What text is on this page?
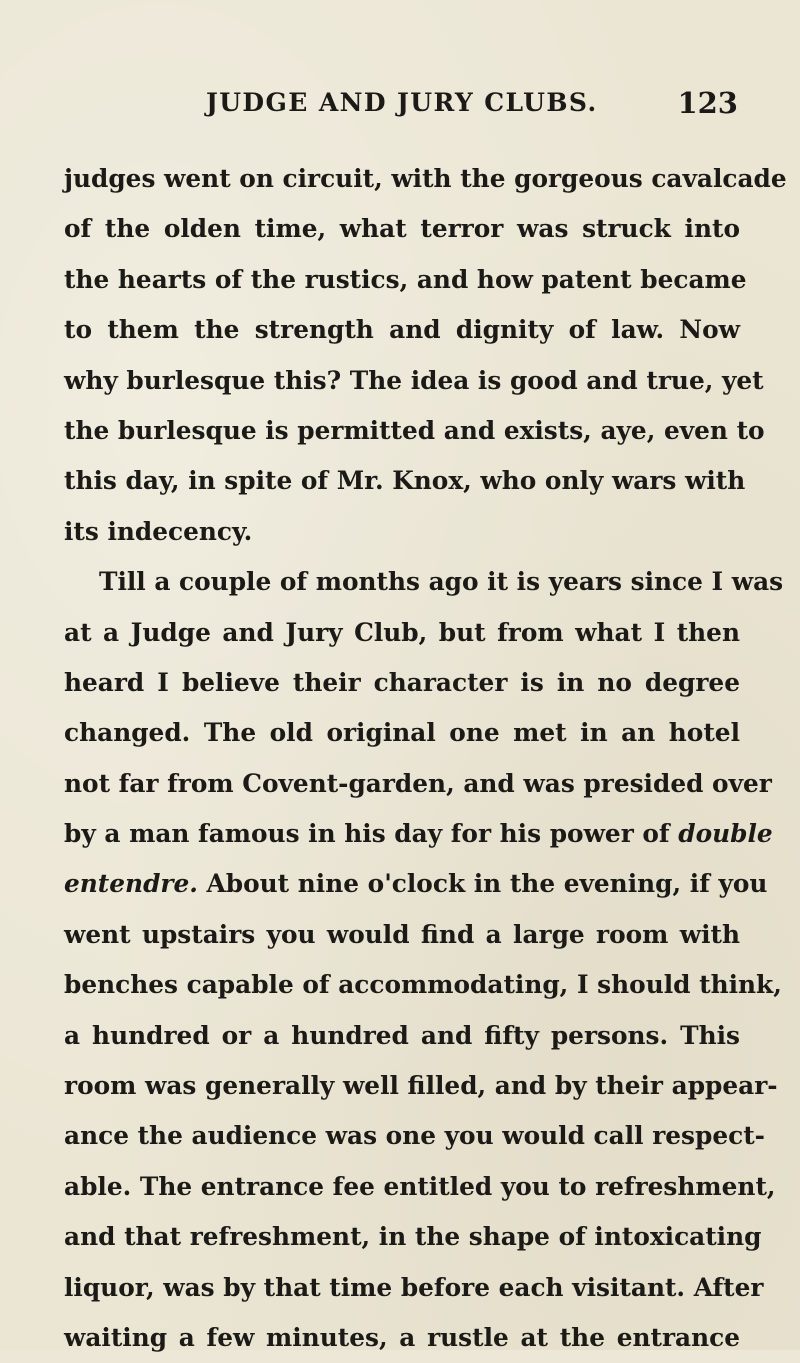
JUDGE AND JURY CLUBS.	123
judges went on circuit, with the gorgeous cavalcade
of the olden time, what terror was struck into
the hearts of the rustics, and how patent became
to them the strength and dignity of law. Now
why burlesque this? The idea is good and true, yet
the burlesque is permitted and exists, aye, even to
this day, in spite of Mr. Knox, who only wars with
its indecency.
Till a couple of months ago it is years since I was
at a Judge and Jury Club, but from what I then
heard I believe their character is in no degree
changed. The old original one met in an hotel
not far from Covent-garden, and was presided over
by a man famous in his day for his power of double
entendre. About nine o'clock in the evening, if you
went upstairs you would find a large room with
benches capable of accommodating, I should think,
a hundred or a hundred and fifty persons. This
room was generally well filled, and by their appear-
ance the audience was one you would call respect-
able. The entrance fee entitled you to refreshment,
and that refreshment, in the shape of intoxicating
liquor, was by that time before each visitant. After
waiting a few minutes, a rustle at the entrance
